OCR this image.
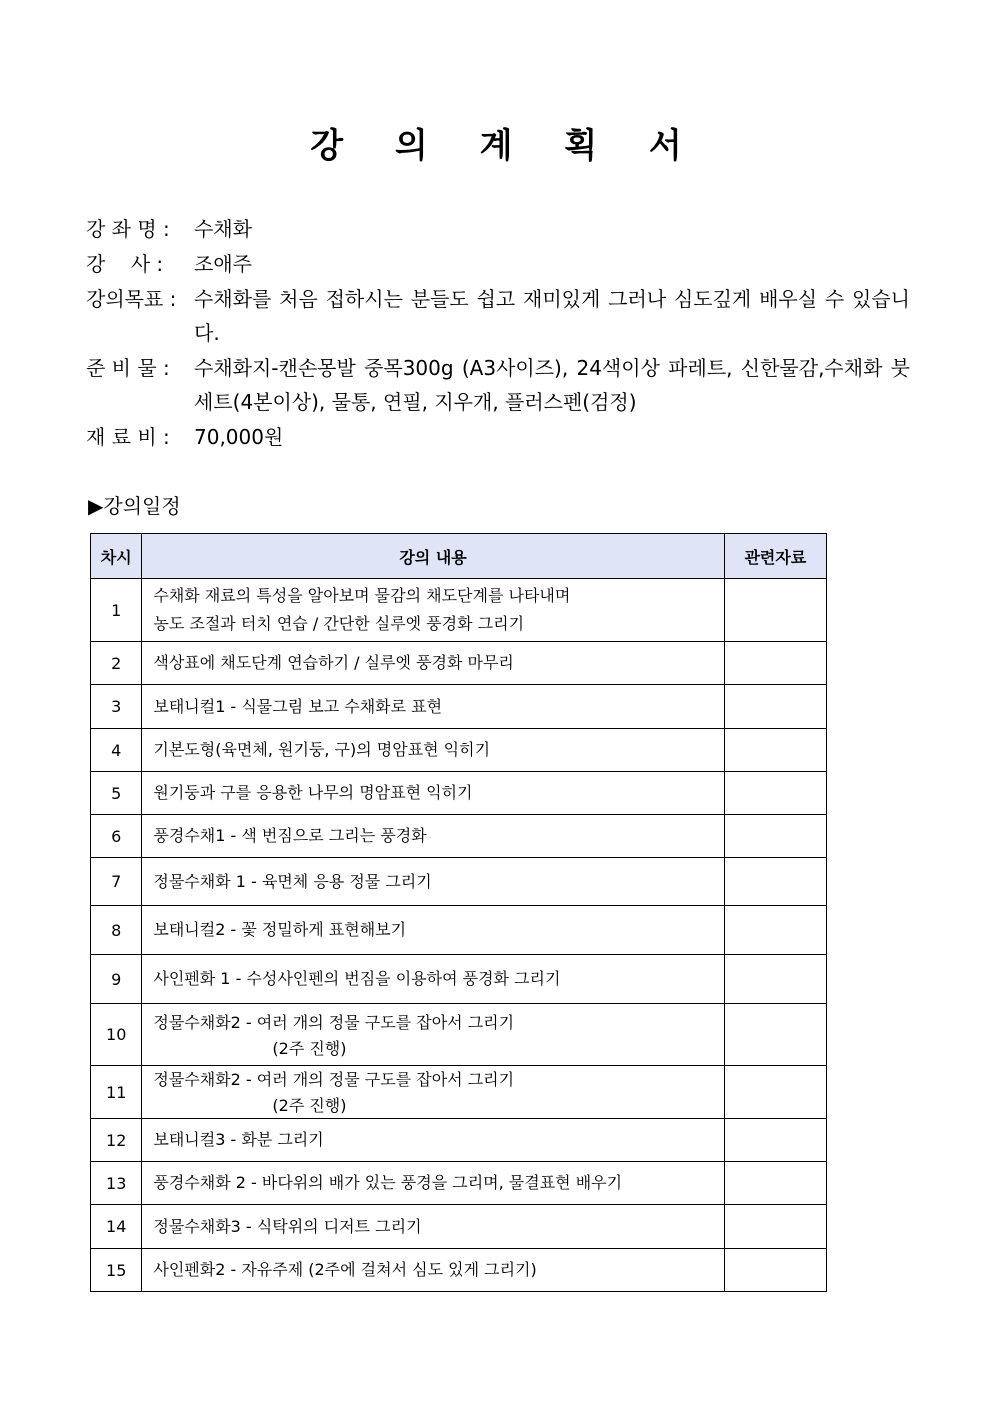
강 의 계 획 서
강 좌 명 :	수채화
강    사 :	조애주
강의목표 : 수채화를 처음 접하시는 분들도 쉽고 재미있게 그러나 심도깊게 배우실 수 있습니다.
준 비 물 :	수채화지-캔손몽발 중목300g (A3사이즈), 24색이상 파레트, 신한물감,수채화 붓세트(4본이상), 물통, 연필, 지우개, 플러스펜(검정)
재 료 비 :	70,000원
▶강의일정
차시	강의 내용	관련자료
1	수채화 재료의 특성을 알아보며 물감의 채도단계를 나타내며
농도 조절과 터치 연습 / 간단한 실루엣 풍경화 그리기	

2	색상표에 채도단계 연습하기 / 실루엣 풍경화 마무리	

3	보태니컬1 - 식물그림 보고 수채화로 표현	

4	기본도형(육면체, 원기둥, 구)의 명암표현 익히기	

5	원기둥과 구를 응용한 나무의 명암표현 익히기	

6	풍경수채1 - 색 번짐으로 그리는 풍경화	

7	정물수채화 1 - 육면체 응용 정물 그리기	

8	보태니컬2 - 꽃 정밀하게 표현해보기	

9	사인펜화 1 - 수성사인펜의 번짐을 이용하여 풍경화 그리기	

10	정물수채화2 - 여러 개의 정물 구도를 잡아서 그리기
(2주 진행)	

11	정물수채화2 - 여러 개의 정물 구도를 잡아서 그리기
(2주 진행)	

12	보태니컬3 - 화분 그리기	

13	풍경수채화 2 - 바다위의 배가 있는 풍경을 그리며, 물결표현 배우기	

14	정물수채화3 - 식탁위의 디저트 그리기	

15	사인펜화2 - 자유주제 (2주에 걸쳐서 심도 있게 그리기)	
